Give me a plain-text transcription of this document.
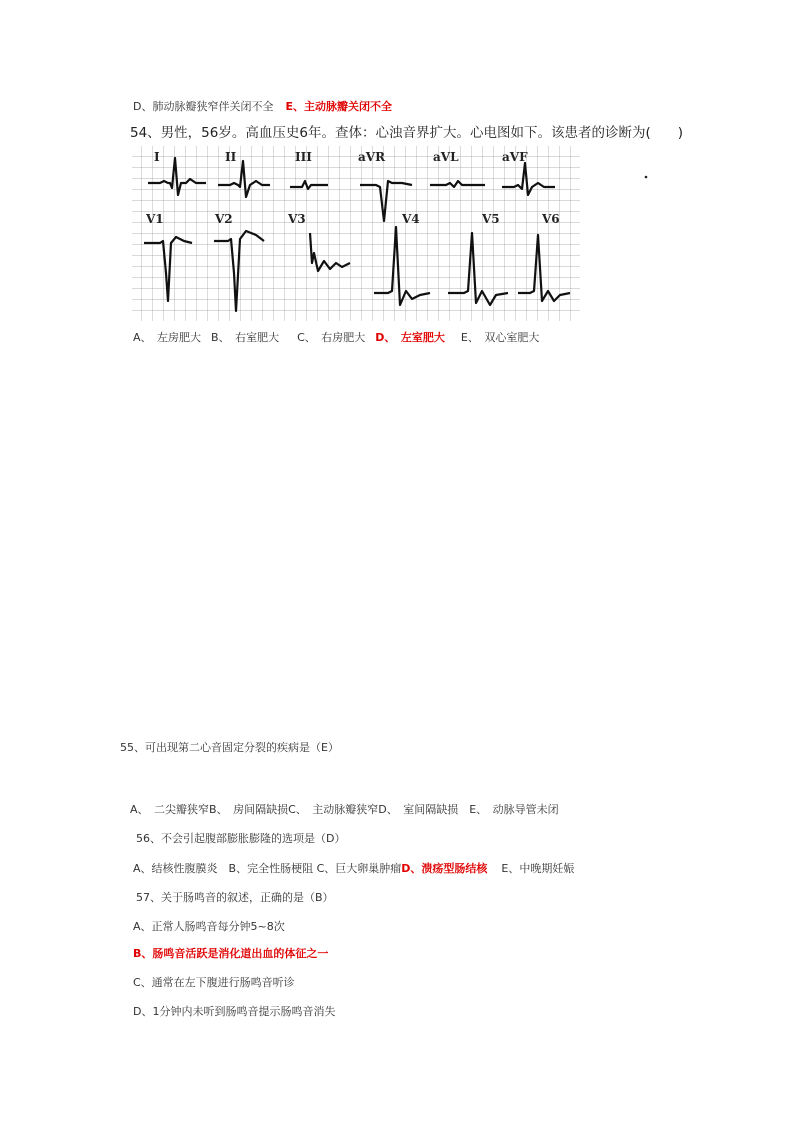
D、肺动脉瓣狭窄伴关闭不全 E、主动脉瓣关闭不全
54、男性，56岁。高血压史6年。查体：心浊音界扩大。心电图如下。该患者的诊断为(　　)
I	II	III	aVR	aVL	aVF
V1	V2	V3	V4	V5	V6
A、　左房肥大 B、　右室肥大 C、　右房肥大 D、　左室肥大 E、　双心室肥大
55、可出现第二心音固定分裂的疾病是（E）
A、　二尖瓣狭窄B、　房间隔缺损C、　主动脉瓣狭窄D、　室间隔缺损　E、　动脉导管未闭
56、不会引起腹部膨胀膨隆的选项是（D）
A、结核性腹膜炎　B、完全性肠梗阻 C、巨大卵巢肿瘤D、溃疡型肠结核 E、中晚期妊娠
57、关于肠鸣音的叙述，正确的是（B）
A、正常人肠鸣音每分钟5~8次
B、肠鸣音活跃是消化道出血的体征之一
C、通常在左下腹进行肠鸣音听诊
D、1分钟内未听到肠鸣音提示肠鸣音消失
